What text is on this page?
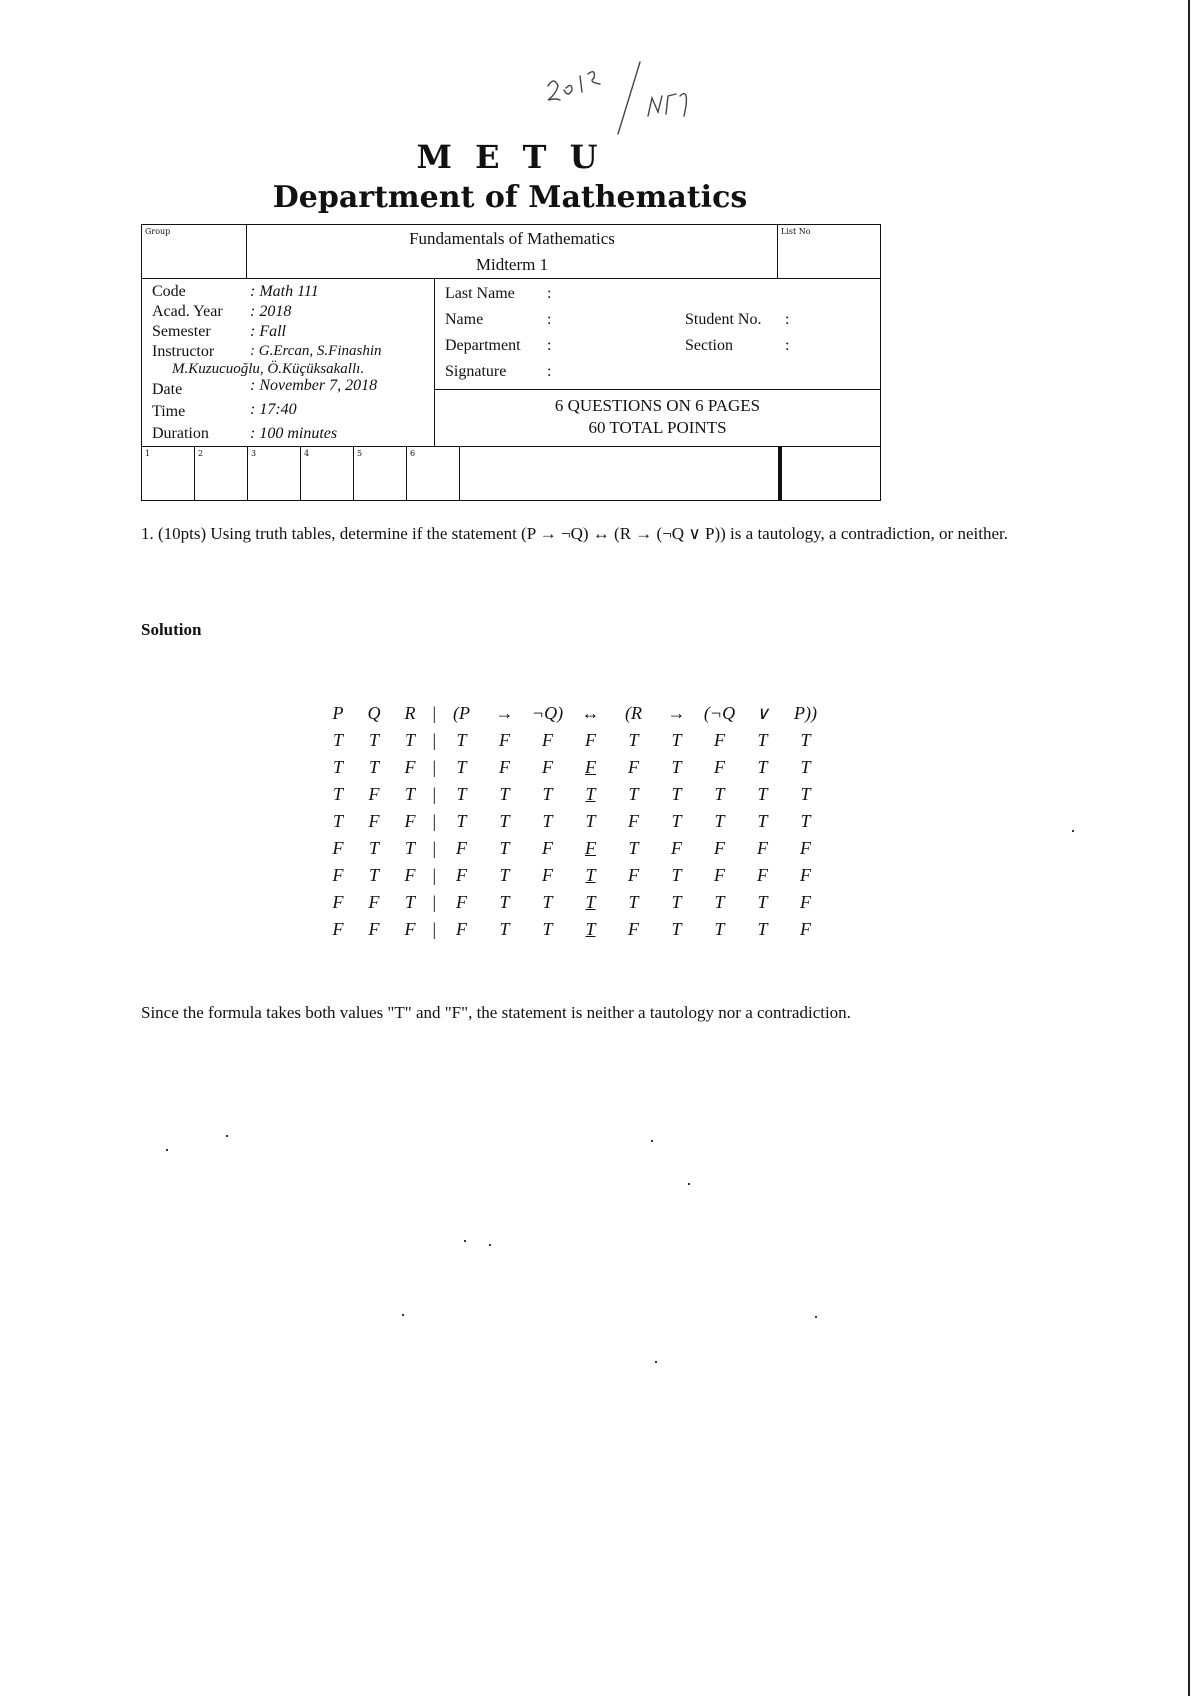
M E T U
Department of Mathematics
Group	Fundamentals of Mathematics
Midterm 1
List No
Code	: Math 111
Acad. Year : 2018
Semester : Fall
Instructor : G.Ercan, S.Finashin
M.Kuzucuoğlu, Ö.Küçüksakallı.
Date	: November 7, 2018
Time	: 17:40
Duration	: 100 minutes
Last Name :
Name	:
Department :
Signature	:
Student No. :
Section	:
6 QUESTIONS ON 6 PAGES
60 TOTAL POINTS
1	2	3	4	5	6
1. (10pts) Using truth tables, determine if the statement (P → ¬Q) ↔ (R → (¬Q ∨ P)) is a tautology, a contradiction, or neither.
Solution
P	Q	R	|	(P	→	¬Q)	↔	(R	→	(¬Q	∨	P))
T	T	T	|	T	F	F	F	T	T	F	T	T
T	T	F	|	T	F	F	F	F	T	F	T	T
T	F	T	|	T	T	T	T	T	T	T	T	T
T	F	F	|	T	T	T	T	F	T	T	T	T
F	T	T	|	F	T	F	F	T	F	F	F	F
F	T	F	|	F	T	F	T	F	T	F	F	F
F	F	T	|	F	T	T	T	T	T	T	T	F
F	F	F	|	F	T	T	T	F	T	T	T	F
Since the formula takes both values "T" and "F", the statement is neither a tautology nor a contradiction.
